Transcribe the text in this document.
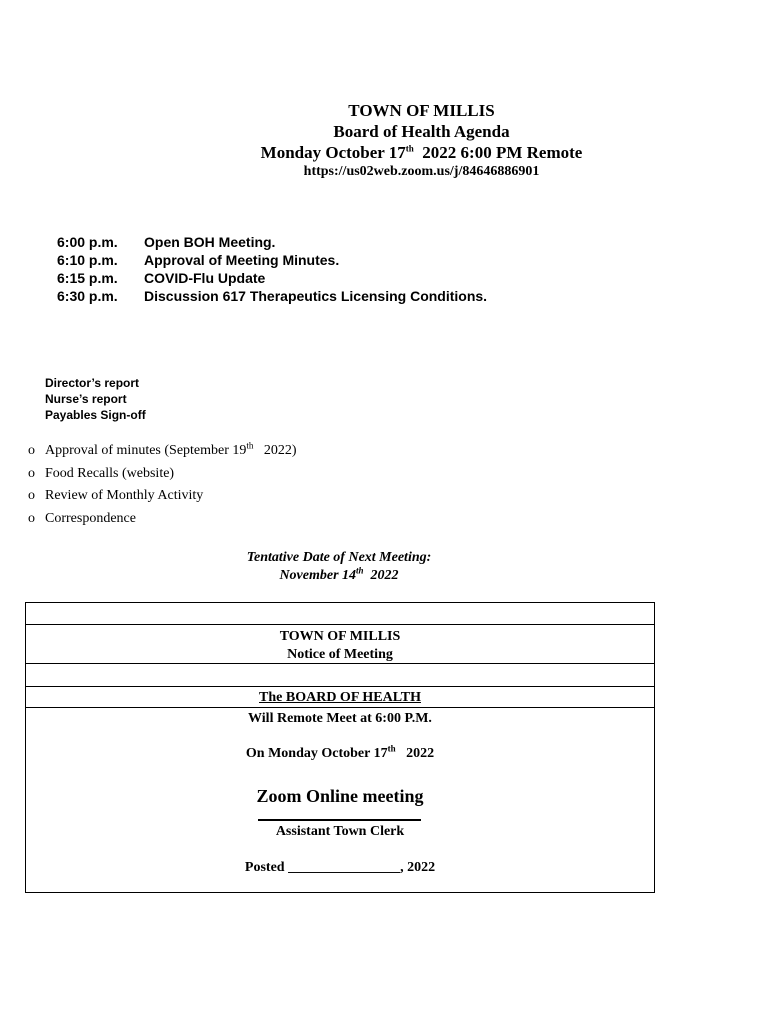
TOWN OF MILLIS
Board of Health Agenda
Monday October 17th  2022 6:00 PM Remote
https://us02web.zoom.us/j/84646886901
6:00 p.m.	Open BOH Meeting.
6:10 p.m.	Approval of Meeting Minutes.
6:15 p.m.	COVID-Flu Update
6:30 p.m.	Discussion 617 Therapeutics Licensing Conditions.
Director’s report
Nurse’s report
Payables Sign-off
o Approval of minutes (September 19th   2022)
o Food Recalls (website)
o Review of Monthly Activity
o Correspondence
Tentative Date of Next Meeting:
November 14th  2022
TOWN OF MILLIS
Notice of Meeting
The BOARD OF HEALTH
Will Remote Meet at 6:00 P.M.
On Monday October 17th   2022
Zoom Online meeting
Assistant Town Clerk
Posted ________________, 2022
